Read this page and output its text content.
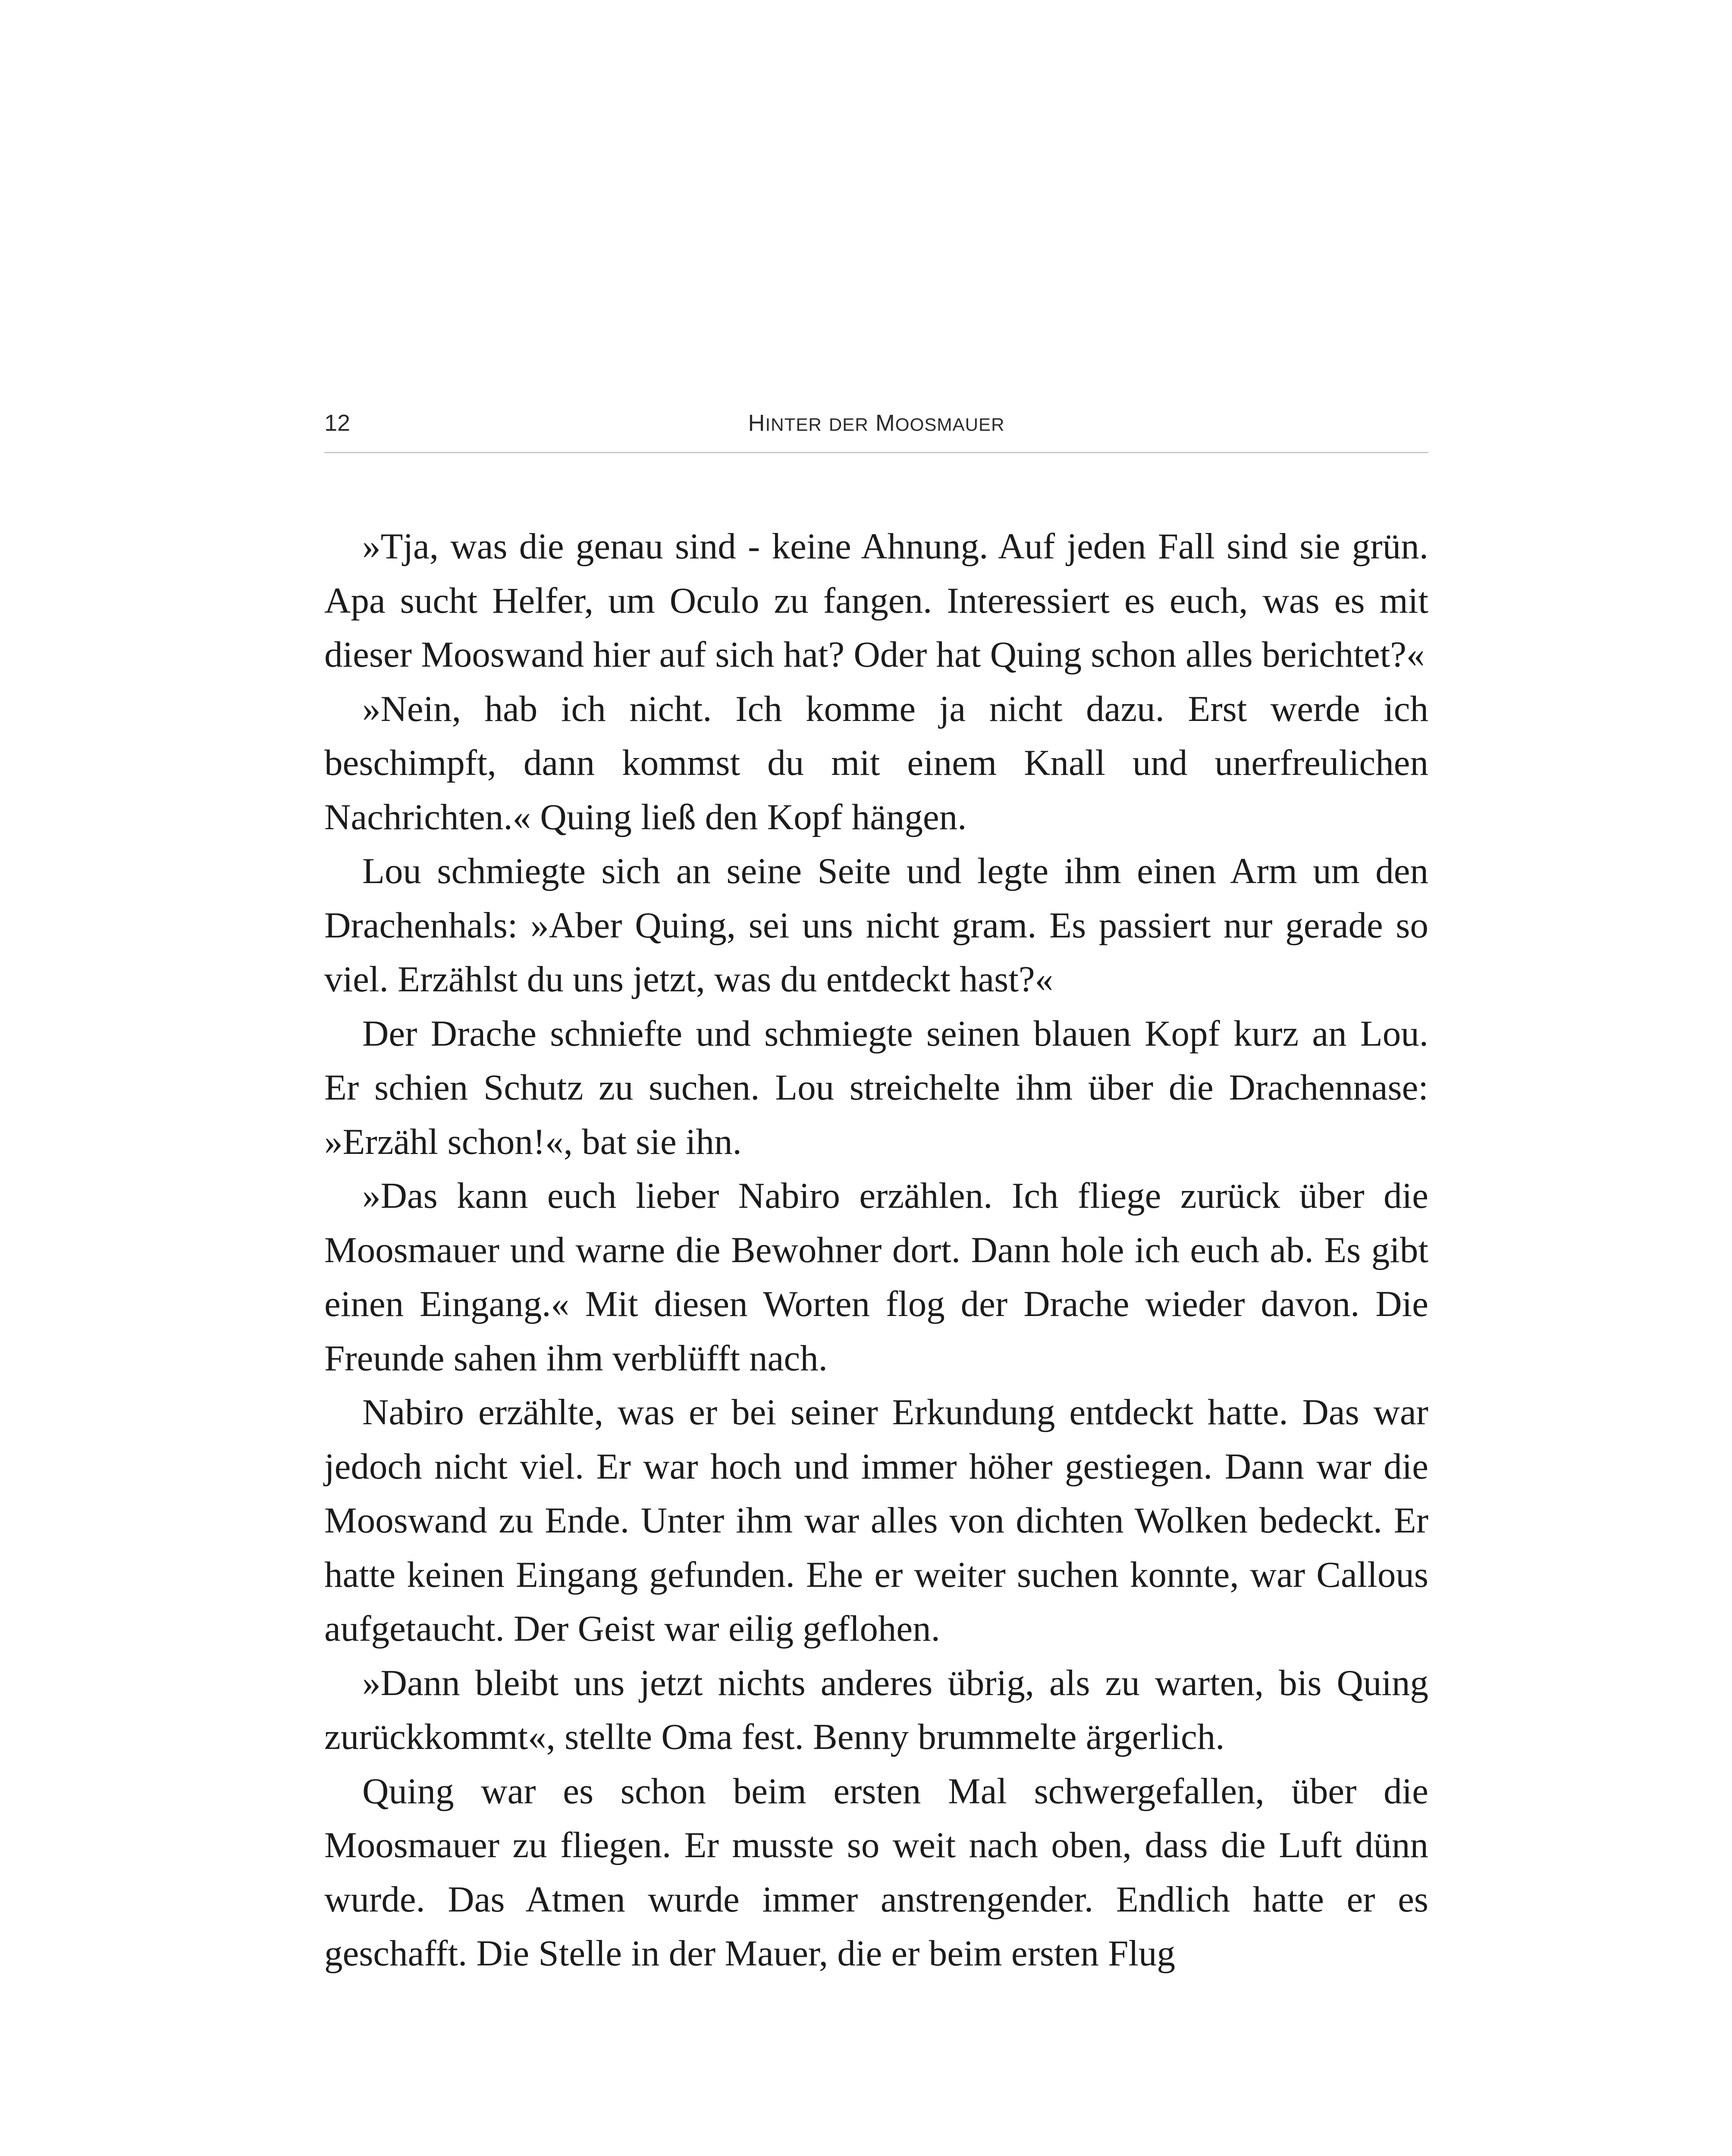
12	HINTER DER MOOSMAUER

»Tja, was die genau sind - keine Ahnung. Auf jeden Fall sind sie grün. Apa sucht Helfer, um Oculo zu fangen. Interessiert es euch, was es mit dieser Mooswand hier auf sich hat? Oder hat Quing schon alles berichtet?«

»Nein, hab ich nicht. Ich komme ja nicht dazu. Erst werde ich beschimpft, dann kommst du mit einem Knall und unerfreulichen Nachrichten.« Quing ließ den Kopf hängen.

Lou schmiegte sich an seine Seite und legte ihm einen Arm um den Drachenhals: »Aber Quing, sei uns nicht gram. Es passiert nur gerade so viel. Erzählst du uns jetzt, was du entdeckt hast?«

Der Drache schniefte und schmiegte seinen blauen Kopf kurz an Lou. Er schien Schutz zu suchen. Lou streichelte ihm über die Drachennase: »Erzähl schon!«, bat sie ihn.

»Das kann euch lieber Nabiro erzählen. Ich fliege zurück über die Moosmauer und warne die Bewohner dort. Dann hole ich euch ab. Es gibt einen Eingang.« Mit diesen Worten flog der Drache wieder davon. Die Freunde sahen ihm verblüfft nach.

Nabiro erzählte, was er bei seiner Erkundung entdeckt hatte. Das war jedoch nicht viel. Er war hoch und immer höher gestiegen. Dann war die Mooswand zu Ende. Unter ihm war alles von dichten Wolken bedeckt. Er hatte keinen Eingang gefunden. Ehe er weiter suchen konnte, war Callous aufgetaucht. Der Geist war eilig geflohen.

»Dann bleibt uns jetzt nichts anderes übrig, als zu warten, bis Quing zurückkommt«, stellte Oma fest. Benny brummelte ärgerlich.

Quing war es schon beim ersten Mal schwergefallen, über die Moosmauer zu fliegen. Er musste so weit nach oben, dass die Luft dünn wurde. Das Atmen wurde immer anstrengender. Endlich hatte er es geschafft. Die Stelle in der Mauer, die er beim ersten Flug
